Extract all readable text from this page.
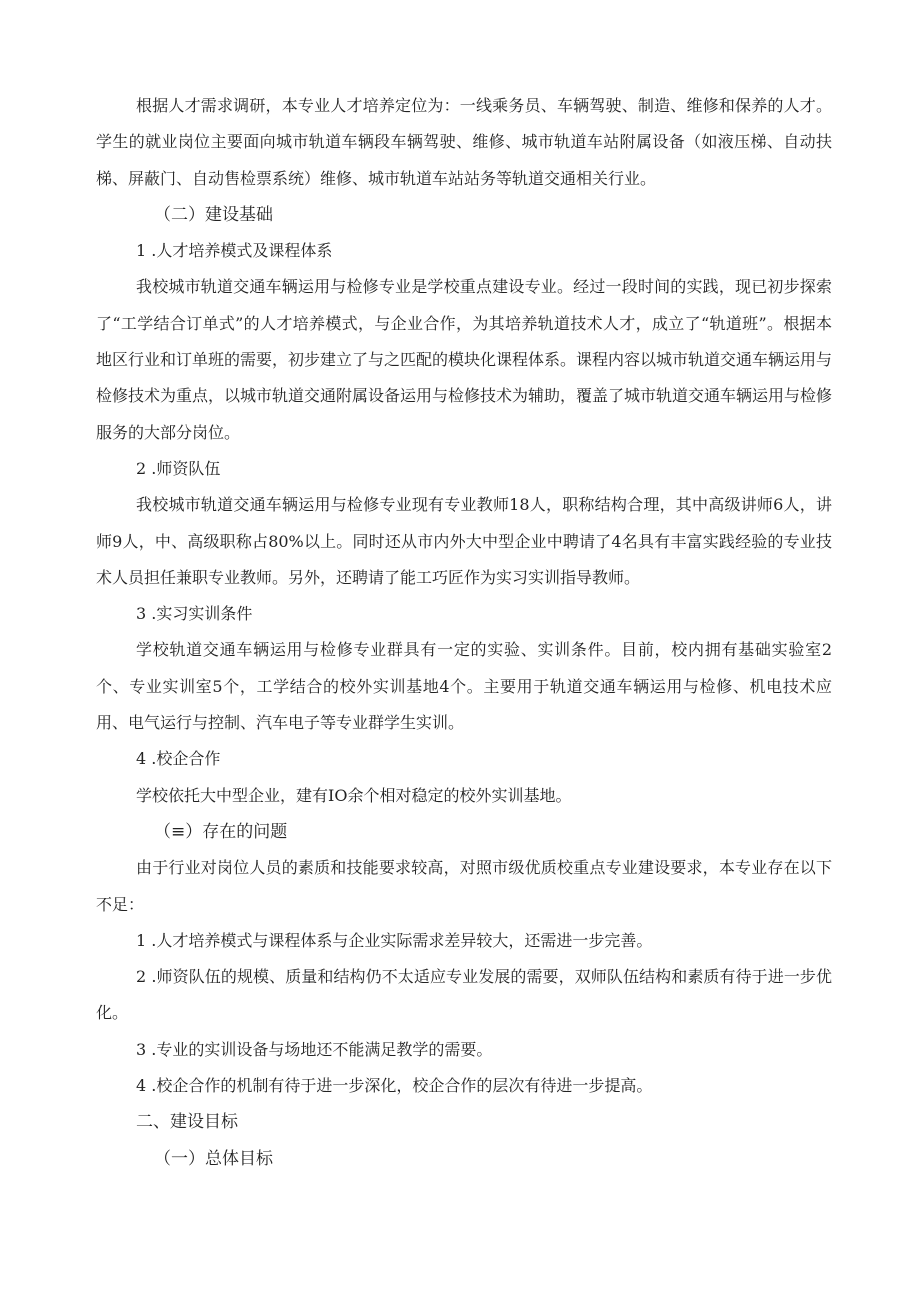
根据人才需求调研，本专业人才培养定位为：一线乘务员、车辆驾驶、制造、维修和保养的人才。学生的就业岗位主要面向城市轨道车辆段车辆驾驶、维修、城市轨道车站附属设备（如液压梯、自动扶梯、屏蔽门、自动售检票系统）维修、城市轨道车站站务等轨道交通相关行业。

（二）建设基础

1 .人才培养模式及课程体系

我校城市轨道交通车辆运用与检修专业是学校重点建设专业。经过一段时间的实践，现已初步探索了“工学结合订单式”的人才培养模式，与企业合作，为其培养轨道技术人才，成立了“轨道班”。根据本地区行业和订单班的需要，初步建立了与之匹配的模块化课程体系。课程内容以城市轨道交通车辆运用与检修技术为重点，以城市轨道交通附属设备运用与检修技术为辅助，覆盖了城市轨道交通车辆运用与检修服务的大部分岗位。

2 .师资队伍

我校城市轨道交通车辆运用与检修专业现有专业教师18人，职称结构合理，其中高级讲师6人，讲师9人，中、高级职称占80%以上。同时还从市内外大中型企业中聘请了4名具有丰富实践经验的专业技术人员担任兼职专业教师。另外，还聘请了能工巧匠作为实习实训指导教师。

3 .实习实训条件

学校轨道交通车辆运用与检修专业群具有一定的实验、实训条件。目前，校内拥有基础实验室2个、专业实训室5个，工学结合的校外实训基地4个。主要用于轨道交通车辆运用与检修、机电技术应用、电气运行与控制、汽车电子等专业群学生实训。

4 .校企合作

学校依托大中型企业，建有IO余个相对稳定的校外实训基地。

（≡）存在的问题

由于行业对岗位人员的素质和技能要求较高，对照市级优质校重点专业建设要求，本专业存在以下不足：

1 .人才培养模式与课程体系与企业实际需求差异较大，还需进一步完善。

2 .师资队伍的规模、质量和结构仍不太适应专业发展的需要，双师队伍结构和素质有待于进一步优化。

3 .专业的实训设备与场地还不能满足教学的需要。

4 .校企合作的机制有待于进一步深化，校企合作的层次有待进一步提高。

二、建设目标

（一）总体目标
